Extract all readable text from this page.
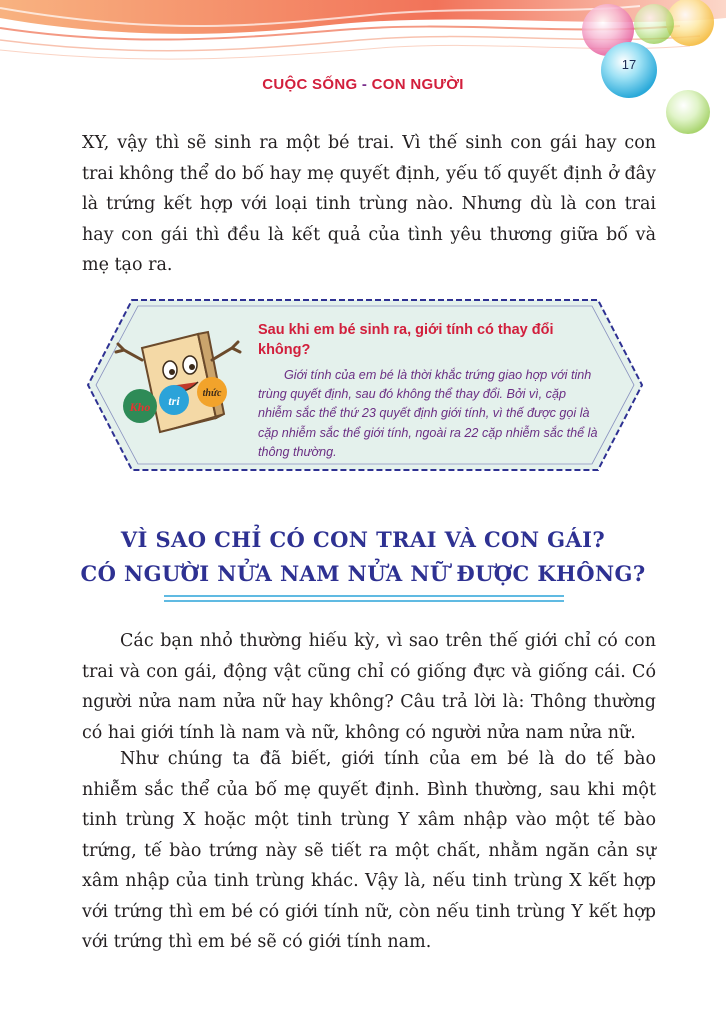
17
CUỘC SỐNG - CON NGƯỜI

XY, vậy thì sẽ sinh ra một bé trai. Vì thế sinh con gái hay con trai không thể do bố hay mẹ quyết định, yếu tố quyết định ở đây là trứng kết hợp với loại tinh trùng nào. Nhưng dù là con trai hay con gái thì đều là kết quả của tình yêu thương giữa bố và mẹ tạo ra.

Kho tri
thức

Sau khi em bé sinh ra, giới tính có thay đổi không?

Giới tính của em bé là thời khắc trứng giao hợp với tinh trùng quyết định, sau đó không thể thay đổi. Bởi vì, cặp nhiễm sắc thể thứ 23 quyết định giới tính, vì thế được gọi là cặp nhiễm sắc thể giới tính, ngoài ra 22 cặp nhiễm sắc thể là thông thường.

VÌ SAO CHỈ CÓ CON TRAI VÀ CON GÁI?
CÓ NGƯỜI NỬA NAM NỬA NỮ ĐƯỢC KHÔNG?

Các bạn nhỏ thường hiếu kỳ, vì sao trên thế giới chỉ có con trai và con gái, động vật cũng chỉ có giống đực và giống cái. Có người nửa nam nửa nữ hay không? Câu trả lời là: Thông thường có hai giới tính là nam và nữ, không có người nửa nam nửa nữ.

Như chúng ta đã biết, giới tính của em bé là do tế bào nhiễm sắc thể của bố mẹ quyết định. Bình thường, sau khi một tinh trùng X hoặc một tinh trùng Y xâm nhập vào một tế bào trứng, tế bào trứng này sẽ tiết ra một chất, nhằm ngăn cản sự xâm nhập của tinh trùng khác. Vậy là, nếu tinh trùng X kết hợp với trứng thì em bé có giới tính nữ, còn nếu tinh trùng Y kết hợp với trứng thì em bé sẽ có giới tính nam.
